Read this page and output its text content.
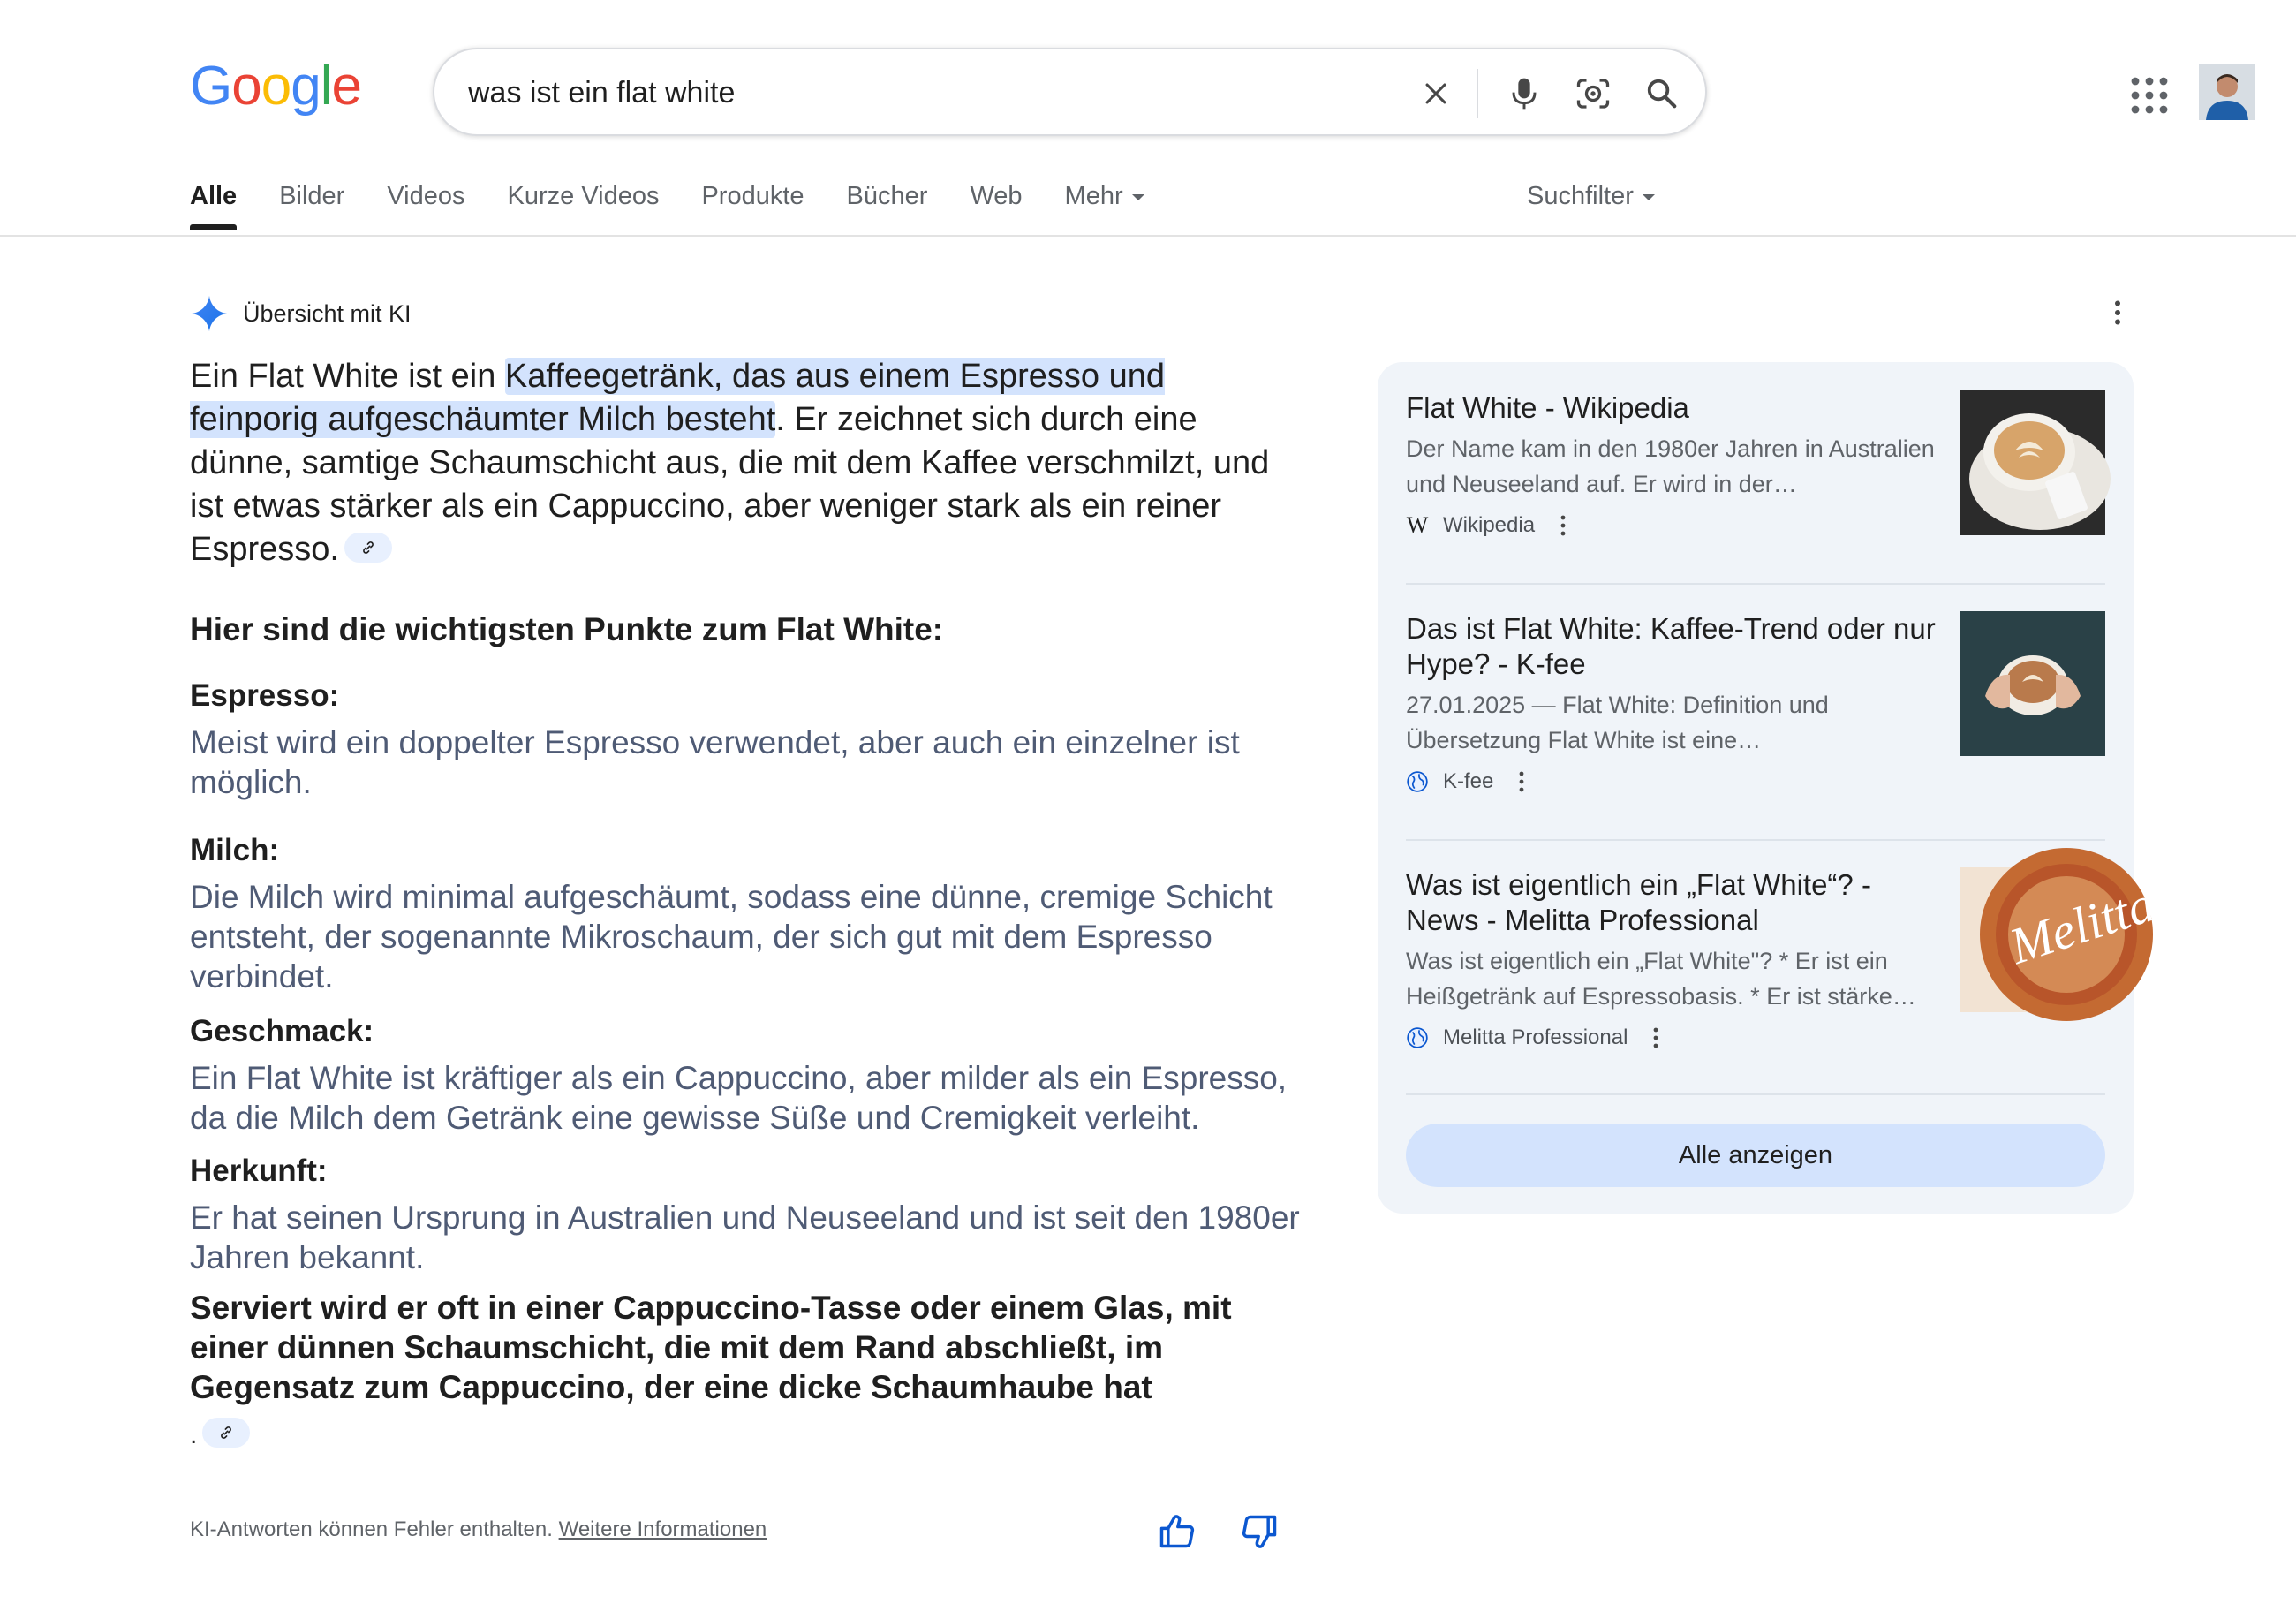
Google
was ist ein flat white
Alle Bilder Videos Kurze Videos Produkte Bücher Web Mehr	Suchfilter
Übersicht mit KI
Ein Flat White ist ein Kaffeegetränk, das aus einem Espresso und feinporig aufgeschäumter Milch besteht. Er zeichnet sich durch eine dünne, samtige Schaumschicht aus, die mit dem Kaffee verschmilzt, und ist etwas stärker als ein Cappuccino, aber weniger stark als ein reiner Espresso.
Hier sind die wichtigsten Punkte zum Flat White:
Espresso:
Meist wird ein doppelter Espresso verwendet, aber auch ein einzelner ist möglich.
Milch:
Die Milch wird minimal aufgeschäumt, sodass eine dünne, cremige Schicht entsteht, der sogenannte Mikroschaum, der sich gut mit dem Espresso verbindet.
Geschmack:
Ein Flat White ist kräftiger als ein Cappuccino, aber milder als ein Espresso, da die Milch dem Getränk eine gewisse Süße und Cremigkeit verleiht.
Herkunft:
Er hat seinen Ursprung in Australien und Neuseeland und ist seit den 1980er Jahren bekannt.
Serviert wird er oft in einer Cappuccino-Tasse oder einem Glas, mit einer dünnen Schaumschicht, die mit dem Rand abschließt, im Gegensatz zum Cappuccino, der eine dicke Schaumhaube hat
.
KI-Antworten können Fehler enthalten. Weitere Informationen
Flat White - Wikipedia
Der Name kam in den 1980er Jahren in Australien und Neuseeland auf. Er wird in der…
W Wikipedia
Das ist Flat White: Kaffee-Trend oder nur Hype? - K-fee
27.01.2025 — Flat White: Definition und Übersetzung Flat White ist eine…
K-fee
Was ist eigentlich ein „Flat White“? - News - Melitta Professional
Was ist eigentlich ein „Flat White"? * Er ist ein Heißgetränk auf Espressobasis. * Er ist stärke…
Melitta Professional
Melitta
Alle anzeigen
